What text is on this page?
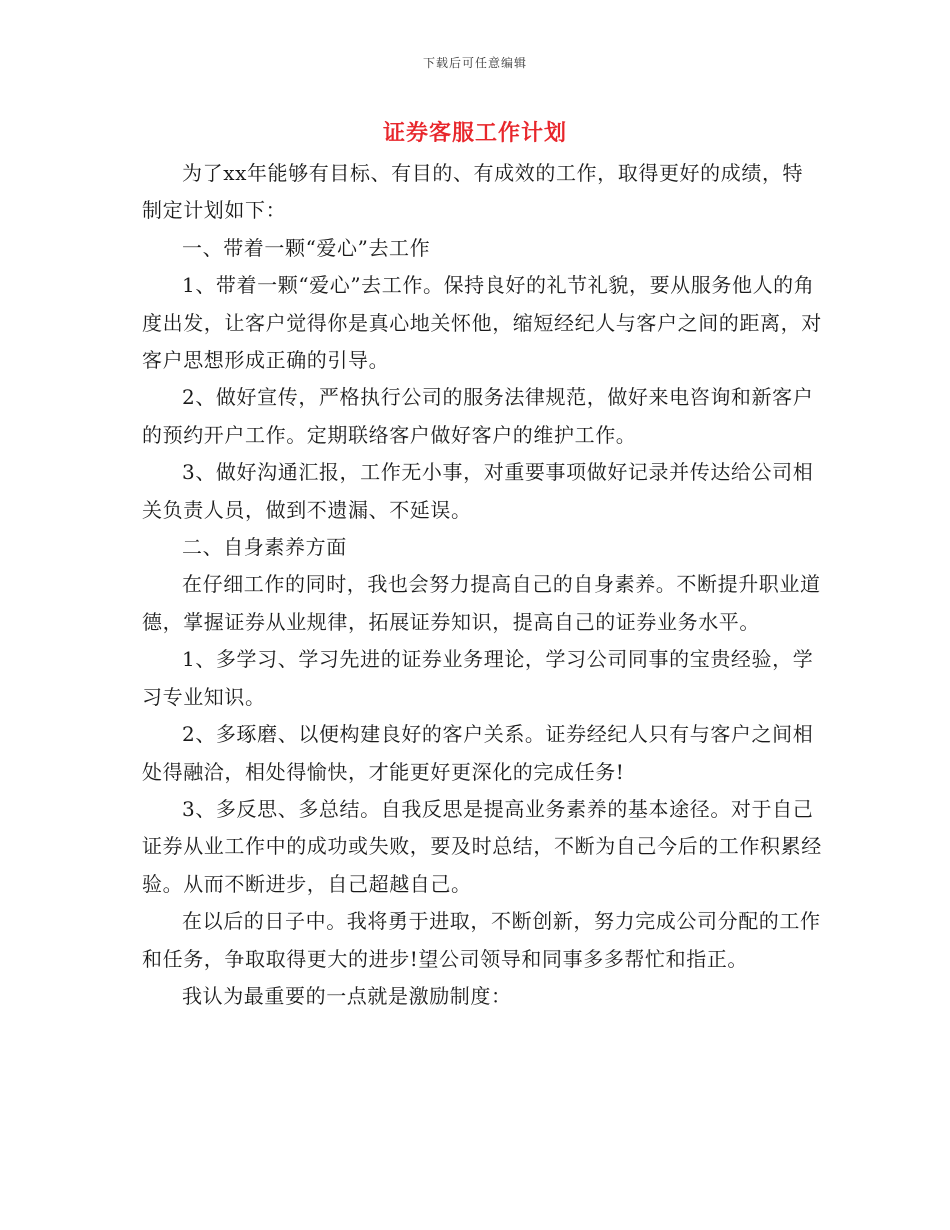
下载后可任意编辑
证券客服工作计划

为了xx年能够有目标、有目的、有成效的工作，取得更好的成绩，特制定计划如下：

一、带着一颗“爱心”去工作

1、带着一颗“爱心”去工作。保持良好的礼节礼貌，要从服务他人的角度出发，让客户觉得你是真心地关怀他，缩短经纪人与客户之间的距离，对客户思想形成正确的引导。

2、做好宣传，严格执行公司的服务法律规范，做好来电咨询和新客户的预约开户工作。定期联络客户做好客户的维护工作。

3、做好沟通汇报，工作无小事，对重要事项做好记录并传达给公司相关负责人员，做到不遗漏、不延误。

二、自身素养方面

在仔细工作的同时，我也会努力提高自己的自身素养。不断提升职业道德，掌握证券从业规律，拓展证券知识，提高自己的证券业务水平。

1、多学习、学习先进的证券业务理论，学习公司同事的宝贵经验，学习专业知识。

2、多琢磨、以便构建良好的客户关系。证券经纪人只有与客户之间相处得融洽，相处得愉快，才能更好更深化的完成任务!

3、多反思、多总结。自我反思是提高业务素养的基本途径。对于自己证券从业工作中的成功或失败，要及时总结，不断为自己今后的工作积累经验。从而不断进步，自己超越自己。

在以后的日子中。我将勇于进取，不断创新，努力完成公司分配的工作和任务，争取取得更大的进步!望公司领导和同事多多帮忙和指正。

我认为最重要的一点就是激励制度：
